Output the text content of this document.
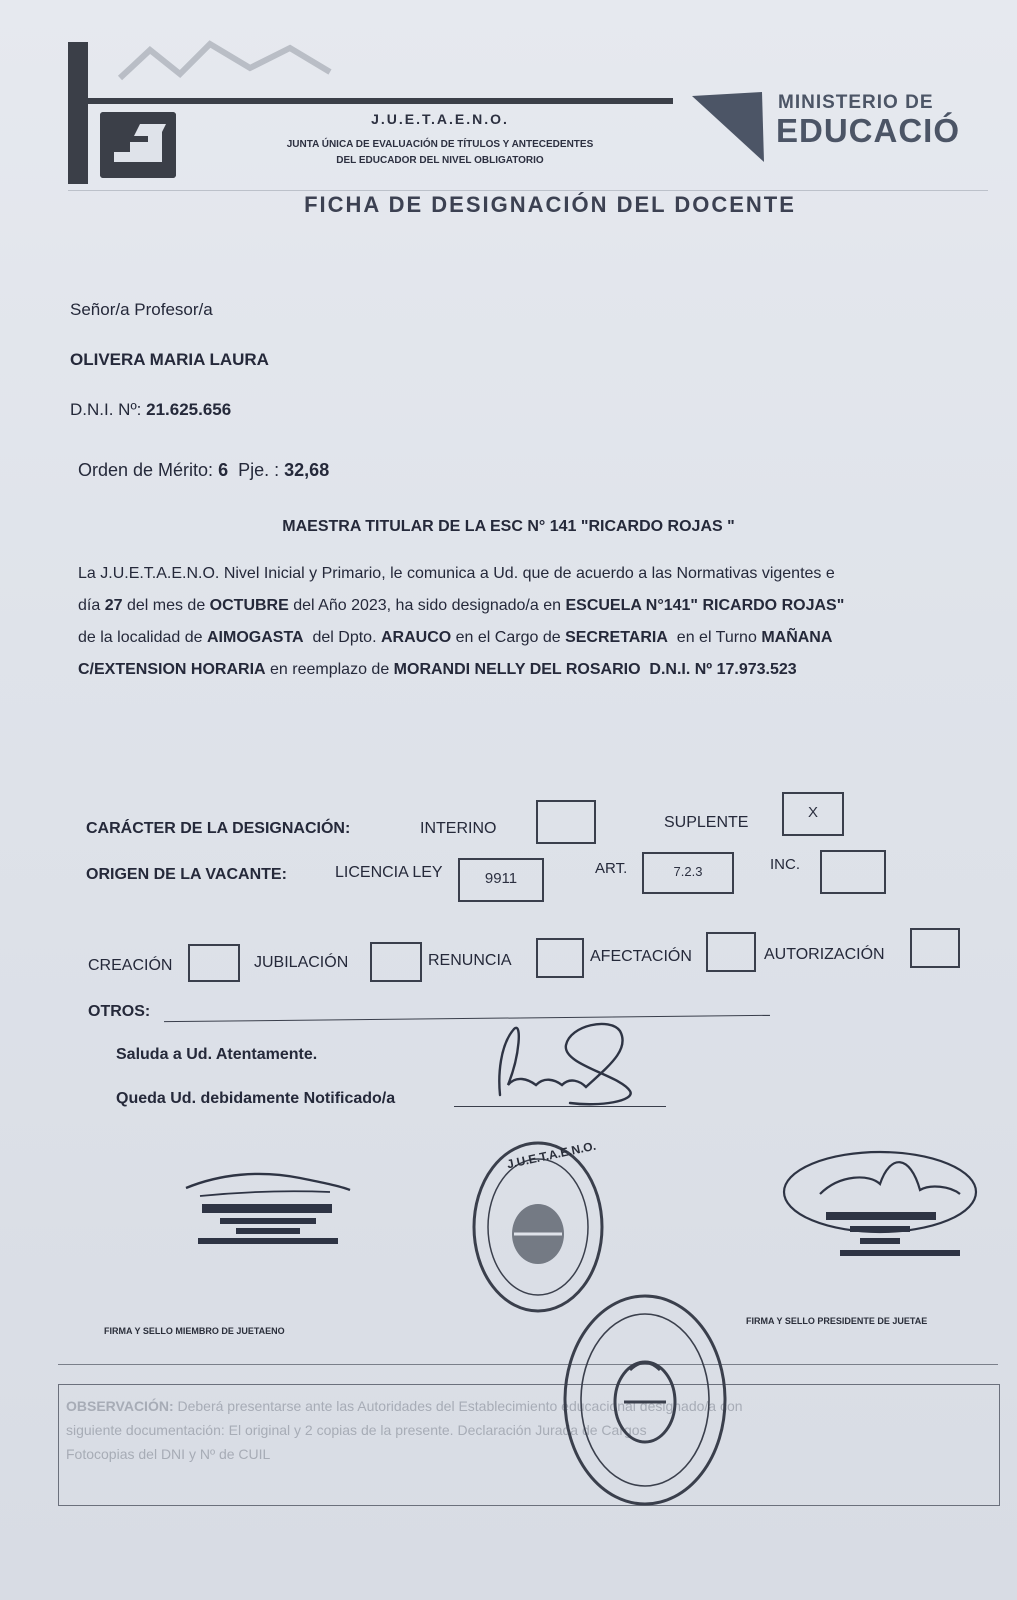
J.U.E.T.A.E.N.O.
JUNTA ÚNICA DE EVALUACIÓN DE TÍTULOS Y ANTECEDENTES
DEL EDUCADOR DEL NIVEL OBLIGATORIO
MINISTERIO DE
EDUCACIÓ
FICHA DE DESIGNACIÓN DEL DOCENTE
Señor/a Profesor/a
OLIVERA MARIA LAURA
D.N.I. Nº: 21.625.656
Orden de Mérito: 6 Pje. : 32,68
MAESTRA TITULAR DE LA ESC N° 141 "RICARDO ROJAS "
La J.U.E.T.A.E.N.O. Nivel Inicial y Primario, le comunica a Ud. que de acuerdo a las Normativas vigentes e
día 27 del mes de OCTUBRE del Año 2023, ha sido designado/a en ESCUELA N°141" RICARDO ROJAS"
de la localidad de AIMOGASTA del Dpto. ARAUCO en el Cargo de SECRETARIA en el Turno MAÑANA
C/EXTENSION HORARIA en reemplazo de MORANDI NELLY DEL ROSARIO D.N.I. Nº 17.973.523
CARÁCTER DE LA DESIGNACIÓN:	INTERINO	SUPLENTE
X
ORIGEN DE LA VACANTE:	LICENCIA LEY	9911
ART.	7.2.3	INC.
CREACIÓN	JUBILACIÓN	RENUNCIA	AFECTACIÓN	AUTORIZACIÓN
OTROS:
Saluda a Ud. Atentamente.
Queda Ud. debidamente Notificado/a
FIRMA Y SELLO MIEMBRO DE JUETAENO
J.U.E.T.A.E.N.O.
FIRMA Y SELLO PRESIDENTE DE JUETAE
OBSERVACIÓN: Deberá presentarse ante las Autoridades del Establecimiento educacional designado/a con
siguiente documentación: El original y 2 copias de la presente. Declaración Jurada de Cargos
Fotocopias del DNI y Nº de CUIL
